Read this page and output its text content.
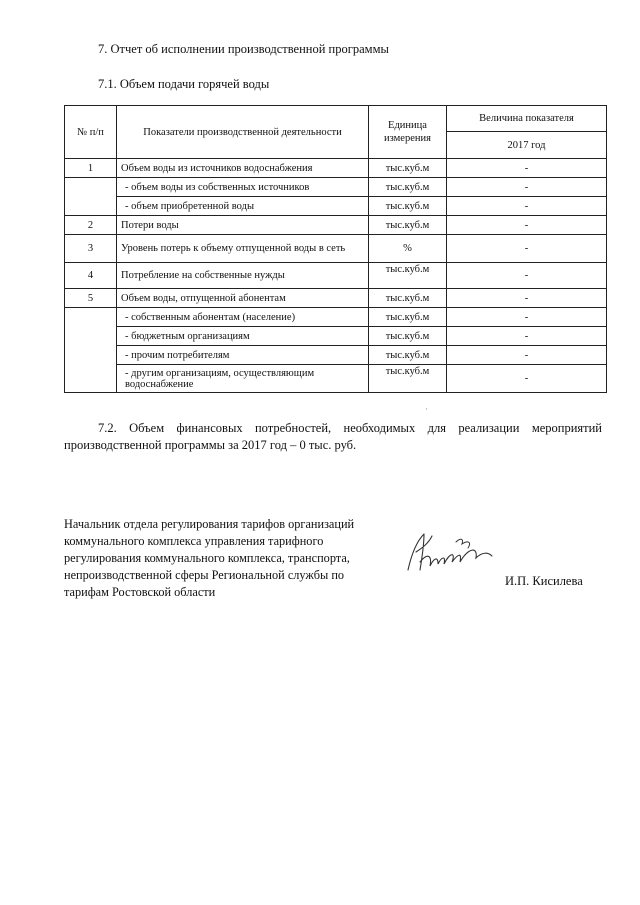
7. Отчет об исполнении производственной программы
7.1. Объем подачи горячей воды
№ п/п	Показатели производственной деятельности	Единица измерения	Величина показателя
			2017 год
1	Объем воды из источников водоснабжения	тыс.куб.м	-
	- объем воды из собственных источников	тыс.куб.м	-
	- объем приобретенной воды	тыс.куб.м	-
2	Потери воды	тыс.куб.м	-
3	Уровень потерь к объему отпущенной воды в сеть	%	-
4	Потребление на собственные нужды	тыс.куб.м	-
5	Объем воды, отпущенной абонентам	тыс.куб.м	-
	- собственным абонентам (население)	тыс.куб.м	-
	- бюджетным организациям	тыс.куб.м	-
	- прочим потребителям	тыс.куб.м	-
	- другим организациям, осуществляющим водоснабжение	тыс.куб.м	-
·
7.2. Объем финансовых потребностей, необходимых для реализации мероприятий производственной программы за 2017 год – 0 тыс. руб.
Начальник отдела регулирования тарифов организаций
коммунального комплекса управления тарифного
регулирования коммунального комплекса, транспорта,
непроизводственной сферы Региональной службы по
тарифам Ростовской области
И.П. Кисилева
